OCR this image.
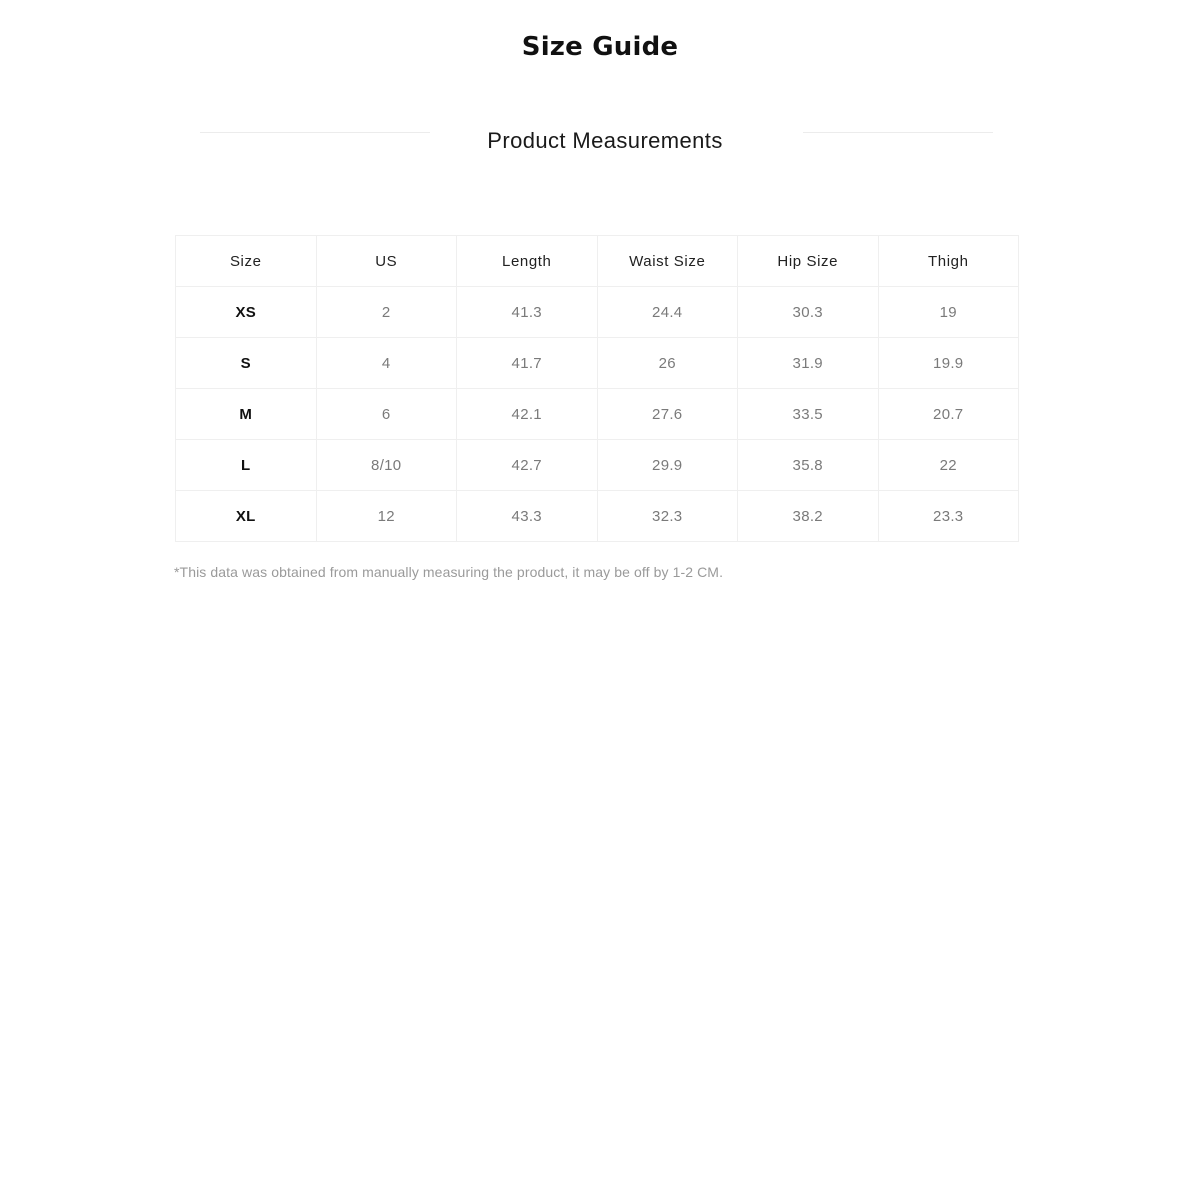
Size Guide
Product Measurements
Size	US	Length	Waist Size	Hip Size	Thigh
XS	2	41.3	24.4	30.3	19
S	4	41.7	26	31.9	19.9
M	6	42.1	27.6	33.5	20.7
L	8/10	42.7	29.9	35.8	22
XL	12	43.3	32.3	38.2	23.3
*This data was obtained from manually measuring the product, it may be off by 1-2 CM.
